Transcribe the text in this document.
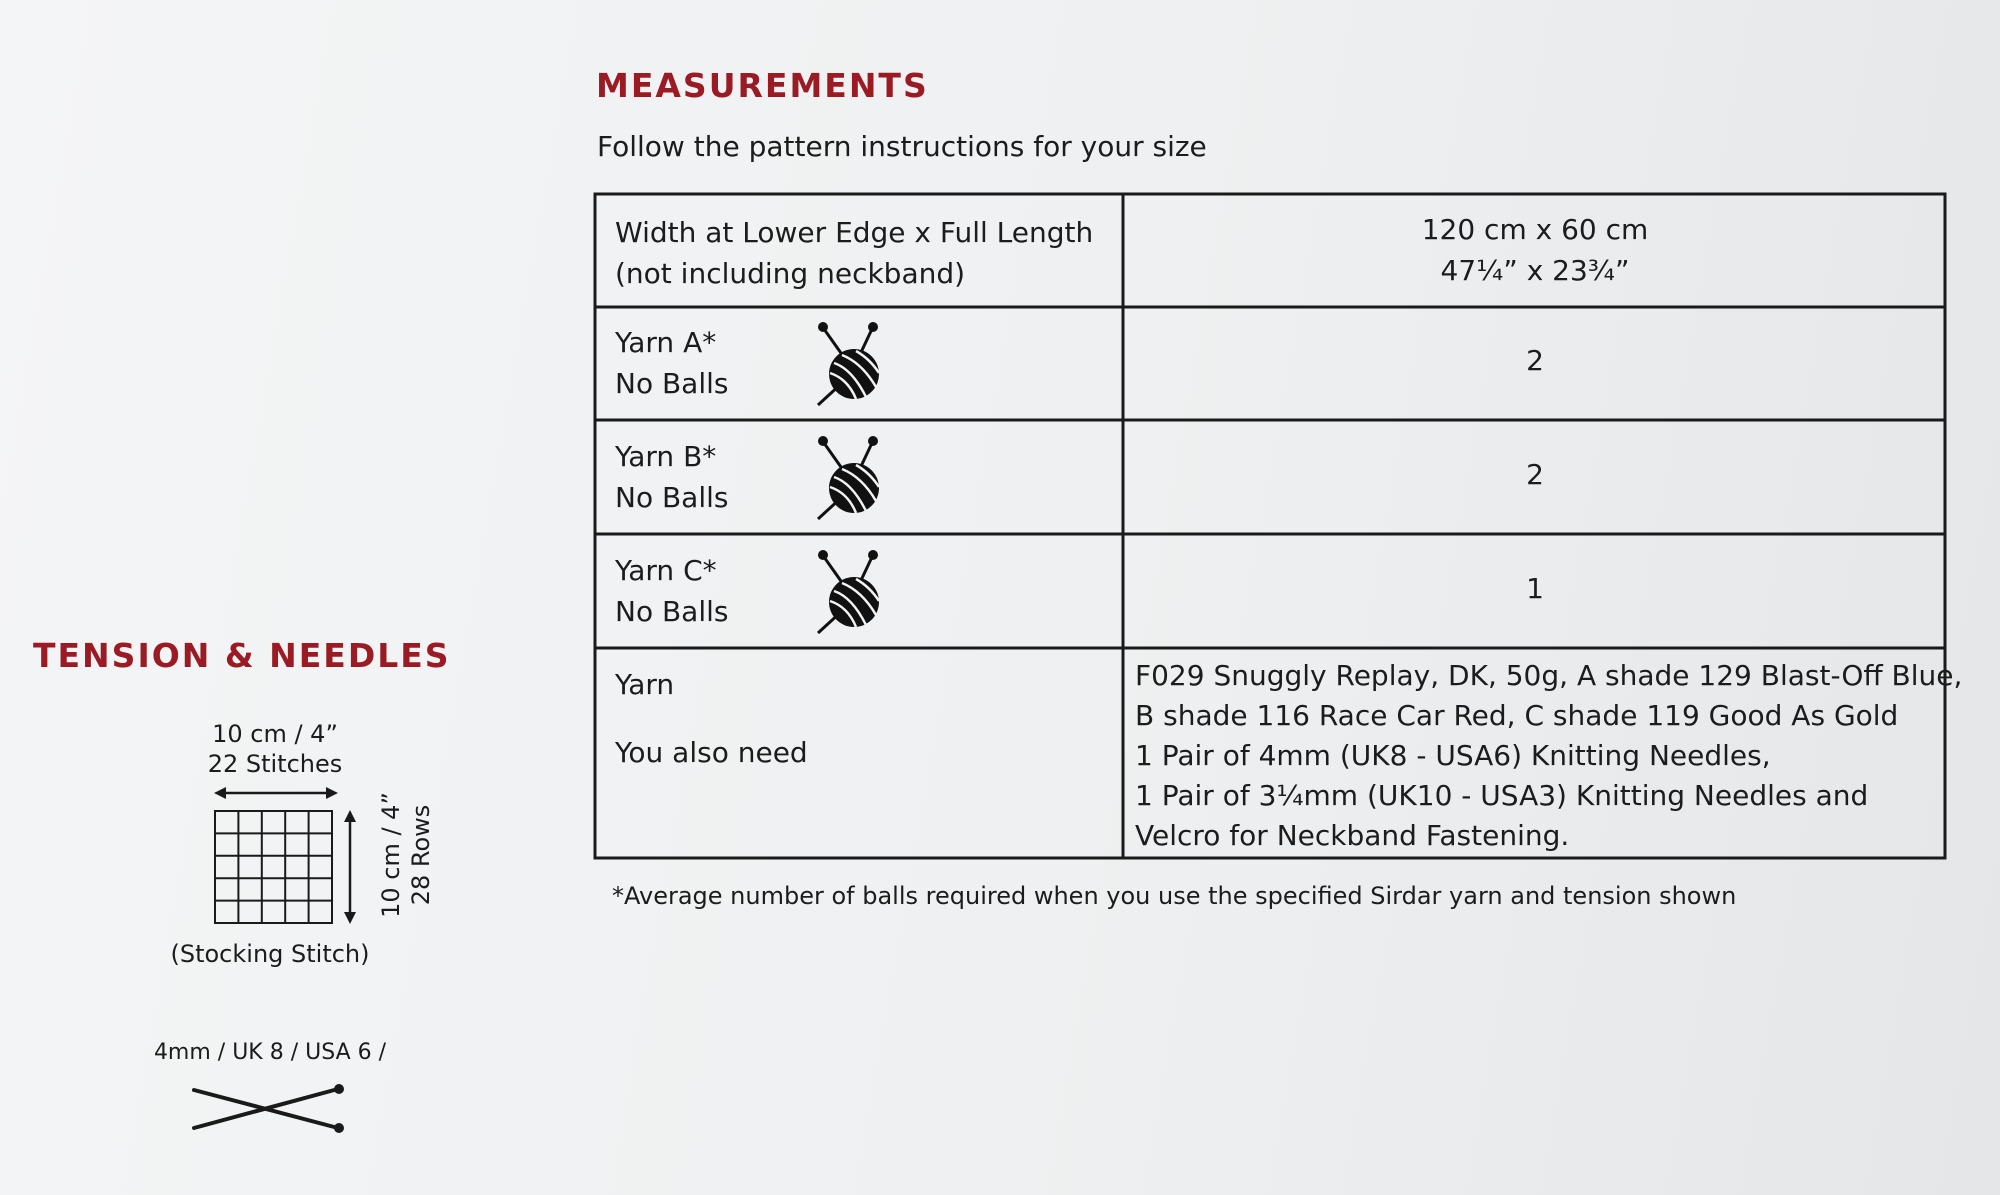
TENSION & NEEDLES
10 cm / 4”
22 Stitches
10 cm / 4” 28 Rows
(Stocking Stitch)
4mm / UK 8 / USA 6 /
MEASUREMENTS
Follow the pattern instructions for your size
Width at Lower Edge x Full Length
(not including neckband)
120 cm x 60 cm
47¼” x 23¾”
Yarn A*
No Balls
2
Yarn B*
No Balls
2
Yarn C*
No Balls
1
Yarn
You also need
F029 Snuggly Replay, DK, 50g, A shade 129 Blast-Off Blue,
B shade 116 Race Car Red, C shade 119 Good As Gold
1 Pair of 4mm (UK8 - USA6) Knitting Needles,
1 Pair of 3¼mm (UK10 - USA3) Knitting Needles and
Velcro for Neckband Fastening.
*Average number of balls required when you use the specified Sirdar yarn and tension shown
